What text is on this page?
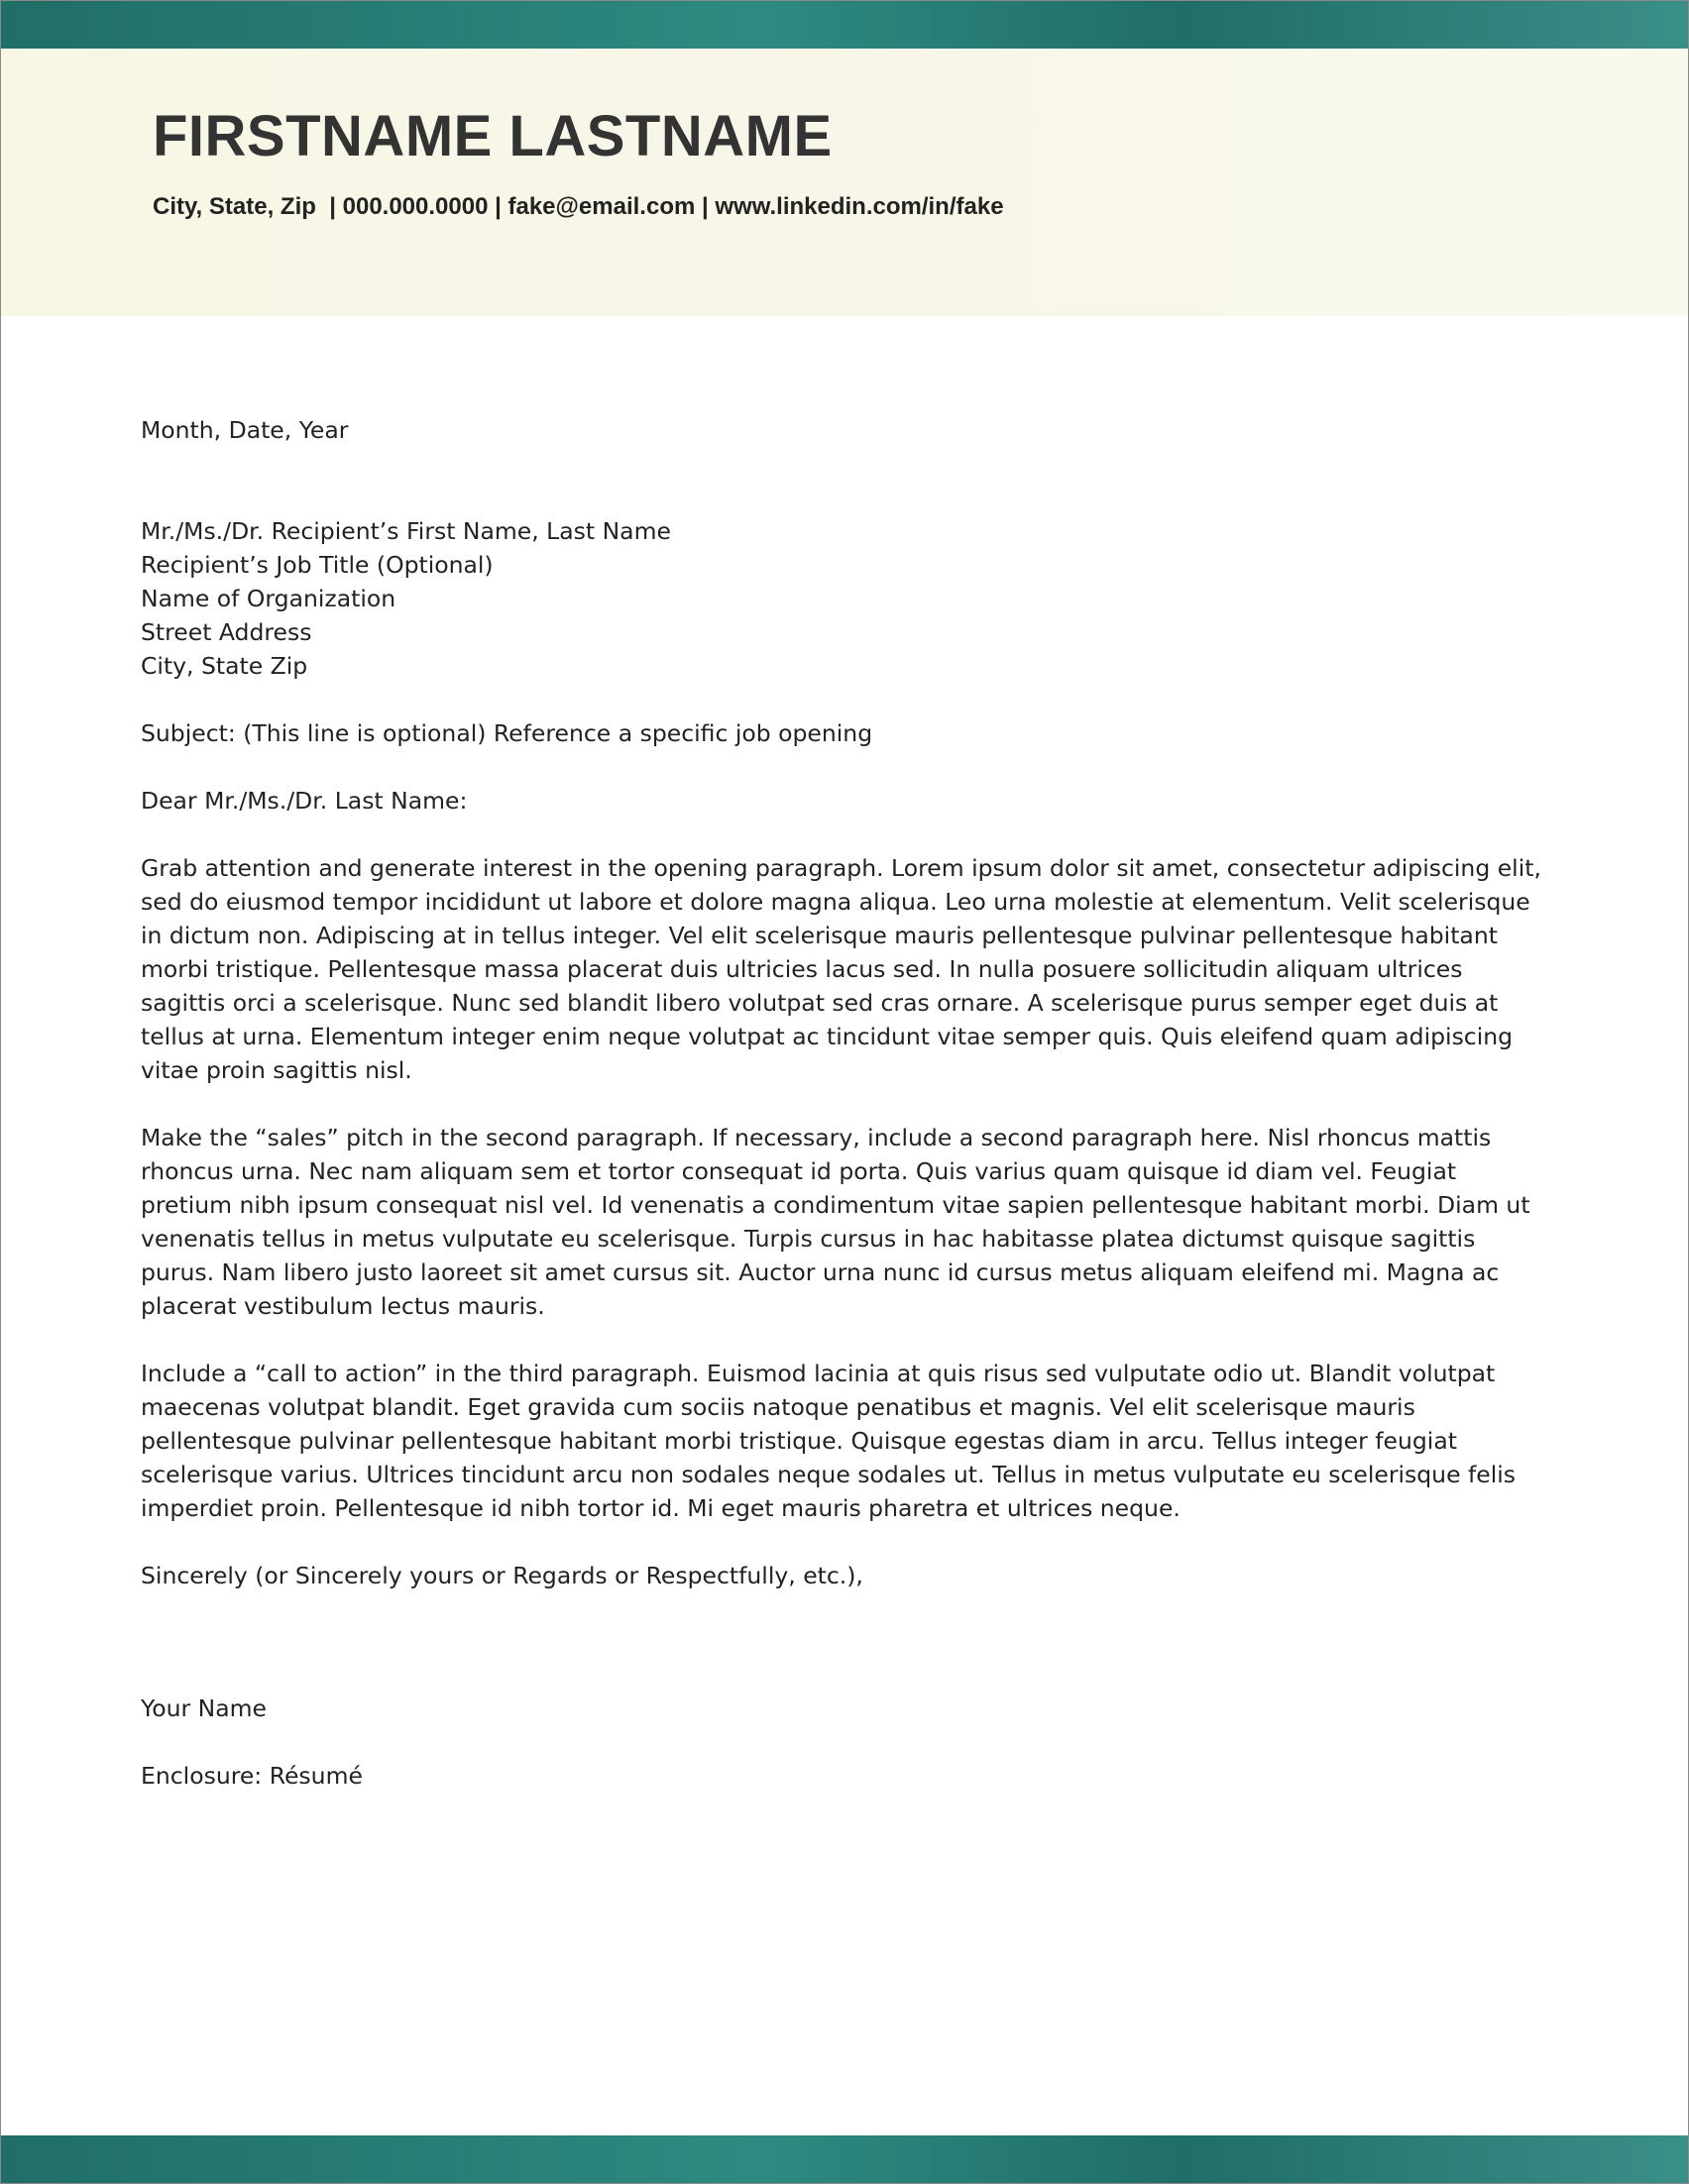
FIRSTNAME LASTNAME
City, State, Zip  | 000.000.0000 | fake@email.com | www.linkedin.com/in/fake

Month, Date, Year

Mr./Ms./Dr. Recipient’s First Name, Last Name
Recipient’s Job Title (Optional)
Name of Organization
Street Address
City, State Zip

Subject: (This line is optional) Reference a specific job opening

Dear Mr./Ms./Dr. Last Name:

Grab attention and generate interest in the opening paragraph. Lorem ipsum dolor sit amet, consectetur adipiscing elit, sed do eiusmod tempor incididunt ut labore et dolore magna aliqua. Leo urna molestie at elementum. Velit scelerisque in dictum non. Adipiscing at in tellus integer. Vel elit scelerisque mauris pellentesque pulvinar pellentesque habitant morbi tristique. Pellentesque massa placerat duis ultricies lacus sed. In nulla posuere sollicitudin aliquam ultrices sagittis orci a scelerisque. Nunc sed blandit libero volutpat sed cras ornare. A scelerisque purus semper eget duis at tellus at urna. Elementum integer enim neque volutpat ac tincidunt vitae semper quis. Quis eleifend quam adipiscing vitae proin sagittis nisl.

Make the “sales” pitch in the second paragraph. If necessary, include a second paragraph here. Nisl rhoncus mattis rhoncus urna. Nec nam aliquam sem et tortor consequat id porta. Quis varius quam quisque id diam vel. Feugiat pretium nibh ipsum consequat nisl vel. Id venenatis a condimentum vitae sapien pellentesque habitant morbi. Diam ut venenatis tellus in metus vulputate eu scelerisque. Turpis cursus in hac habitasse platea dictumst quisque sagittis purus. Nam libero justo laoreet sit amet cursus sit. Auctor urna nunc id cursus metus aliquam eleifend mi. Magna ac placerat vestibulum lectus mauris.

Include a “call to action” in the third paragraph. Euismod lacinia at quis risus sed vulputate odio ut. Blandit volutpat maecenas volutpat blandit. Eget gravida cum sociis natoque penatibus et magnis. Vel elit scelerisque mauris pellentesque pulvinar pellentesque habitant morbi tristique. Quisque egestas diam in arcu. Tellus integer feugiat scelerisque varius. Ultrices tincidunt arcu non sodales neque sodales ut. Tellus in metus vulputate eu scelerisque felis imperdiet proin. Pellentesque id nibh tortor id. Mi eget mauris pharetra et ultrices neque.

Sincerely (or Sincerely yours or Regards or Respectfully, etc.),

Your Name

Enclosure: Résumé
